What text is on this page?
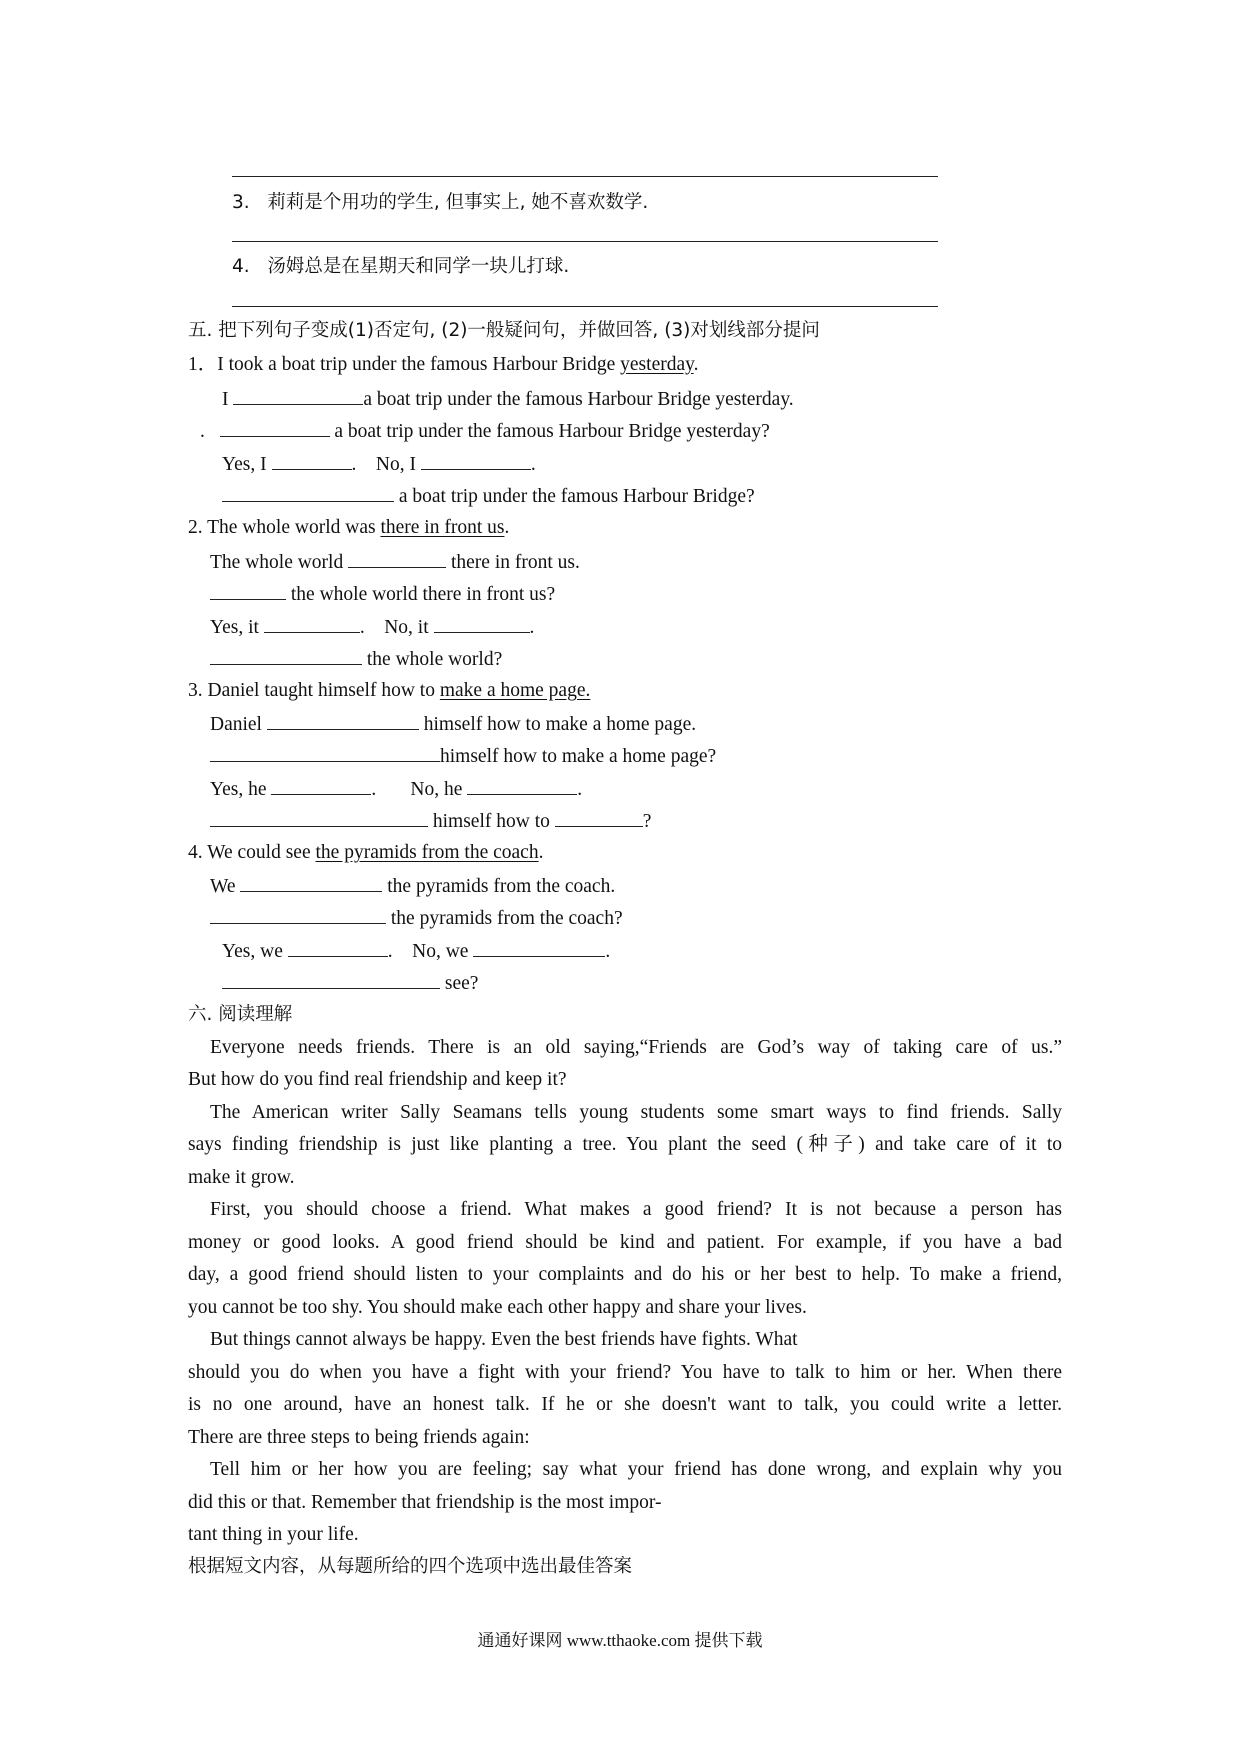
3. 莉莉是个用功的学生, 但事实上, 她不喜欢数学.
4. 汤姆总是在星期天和同学一块儿打球.
五. 把下列句子变成(1)否定句, (2)一般疑问句，并做回答, (3)对划线部分提问
1．I took a boat trip under the famous Harbour Bridge yesterday.
I	a boat trip under the famous Harbour Bridge yesterday.
.	a boat trip under the famous Harbour Bridge yesterday?
Yes, I	.    No, I	.
a boat trip under the famous Harbour Bridge?
2. The whole world was there in front us.
The whole world	there in front us.
the whole world there in front us?
Yes, it	.    No, it	.
the whole world?
3. Daniel taught himself how to make a home page.
Daniel	himself how to make a home page.
himself how to make a home page?
Yes, he	.       No, he	.
himself how to	?
4. We could see the pyramids from the coach.
We	the pyramids from the coach.
the pyramids from the coach?
Yes, we	.    No, we	.
see?
六. 阅读理解
Everyone needs friends. There is an old saying,“Friends are God’s way of taking care of us.”
But how do you find real friendship and keep it?
The American writer Sally Seamans tells young students some smart ways to find friends. Sally
says finding friendship is just like planting a tree. You plant the seed (种子) and take care of it to
make it grow.
First, you should choose a friend. What makes a good friend? It is not because a person has
money or good looks. A good friend should be kind and patient. For example, if you have a bad
day, a good friend should listen to your complaints and do his or her best to help. To make a friend,
you cannot be too shy. You should make each other happy and share your lives.
But things cannot always be happy. Even the best friends have fights. What
should you do when you have a fight with your friend? You have to talk to him or her. When there
is no one around, have an honest talk. If he or she doesn't want to talk, you could write a letter.
There are three steps to being friends again:
Tell him or her how you are feeling; say what your friend has done wrong, and explain why you
did this or that. Remember that friendship is the most impor-
tant thing in your life.
根据短文内容，从每题所给的四个选项中选出最佳答案
通通好课网 www.tthaoke.com 提供下载
